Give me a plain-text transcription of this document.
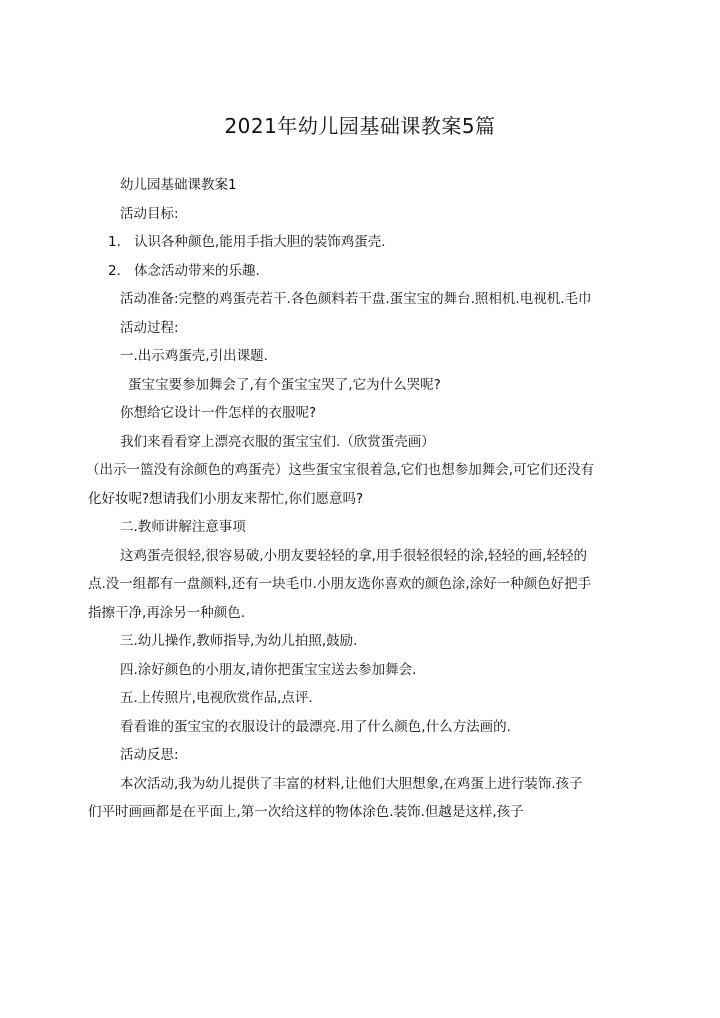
2021年幼儿园基础课教案5篇

幼儿园基础课教案1

活动目标:

1. 认识各种颜色,能用手指大胆的装饰鸡蛋壳.

2. 体念活动带来的乐趣.

活动准备:完整的鸡蛋壳若干.各色颜料若干盘.蛋宝宝的舞台.照相机.电视机.毛巾

活动过程:

一.出示鸡蛋壳,引出课题.

蛋宝宝要参加舞会了,有个蛋宝宝哭了,它为什么哭呢?

你想给它设计一件怎样的衣服呢?

我们来看看穿上漂亮衣服的蛋宝宝们.（欣赏蛋壳画）

（出示一篮没有涂颜色的鸡蛋壳）这些蛋宝宝很着急,它们也想参加舞会,可它们还没有化好妆呢?想请我们小朋友来帮忙,你们愿意吗?

二.教师讲解注意事项

这鸡蛋壳很轻,很容易破,小朋友要轻轻的拿,用手很轻很轻的涂,轻轻的画,轻轻的点.没一组都有一盘颜料,还有一块毛巾.小朋友选你喜欢的颜色涂,涂好一种颜色好把手指擦干净,再涂另一种颜色.

三.幼儿操作,教师指导,为幼儿拍照,鼓励.

四.涂好颜色的小朋友,请你把蛋宝宝送去参加舞会.

五.上传照片,电视欣赏作品,点评.

看看谁的蛋宝宝的衣服设计的最漂亮.用了什么颜色,什么方法画的.

活动反思:

本次活动,我为幼儿提供了丰富的材料,让他们大胆想象,在鸡蛋上进行装饰.孩子们平时画画都是在平面上,第一次给这样的物体涂色.装饰.但越是这样,孩子
